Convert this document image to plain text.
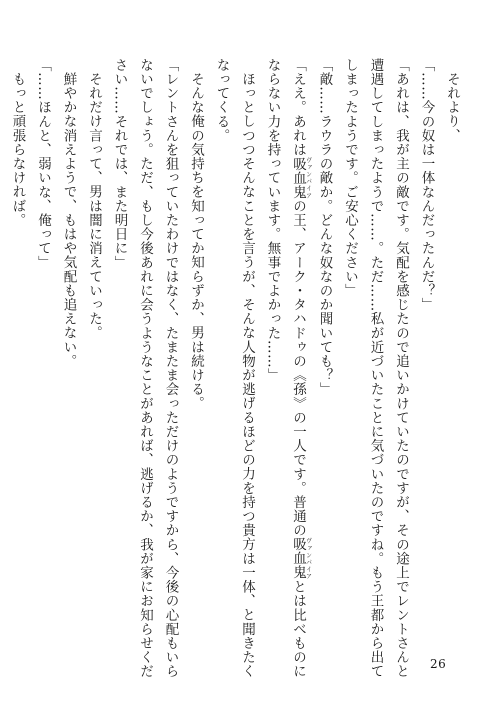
それより、
「……今の奴は一体なんだったんだ？」
「あれは、我が主の敵です。気配を感じたので追いかけていたのですが、その途上でレントさんと
遭遇してしまったようで……。ただ……私が近づいたことに気づいたのですね。もう王都から出て
しまったようです。ご安心ください」
「敵……ラウラの敵か。どんな奴なのか聞いても？」
「ええ。あれは吸血鬼ヴァンパイアの王、アーク・タハドゥの《孫》の一人です。普通の吸血鬼ヴァンパイアとは比べものに
ならない力を持っています。無事でよかった……」
ほっとしつつそんなことを言うが、そんな人物が逃げるほどの力を持つ貴方は一体、と聞きたく
なってくる。
そんな俺の気持ちを知ってか知らずか、男は続ける。
「レントさんを狙っていたわけではなく、たまたま会っただけのようですから、今後の心配もいら
ないでしょう。ただ、もし今後あれに会うようなことがあれば、逃げるか、我が家にお知らせくだ
さい……それでは、また明日に」
それだけ言って、男は闇に消えていった。
鮮やかな消えようで、もはや気配も追えない。
「……ほんと、弱いな、俺って」
もっと頑張らなければ。
26
